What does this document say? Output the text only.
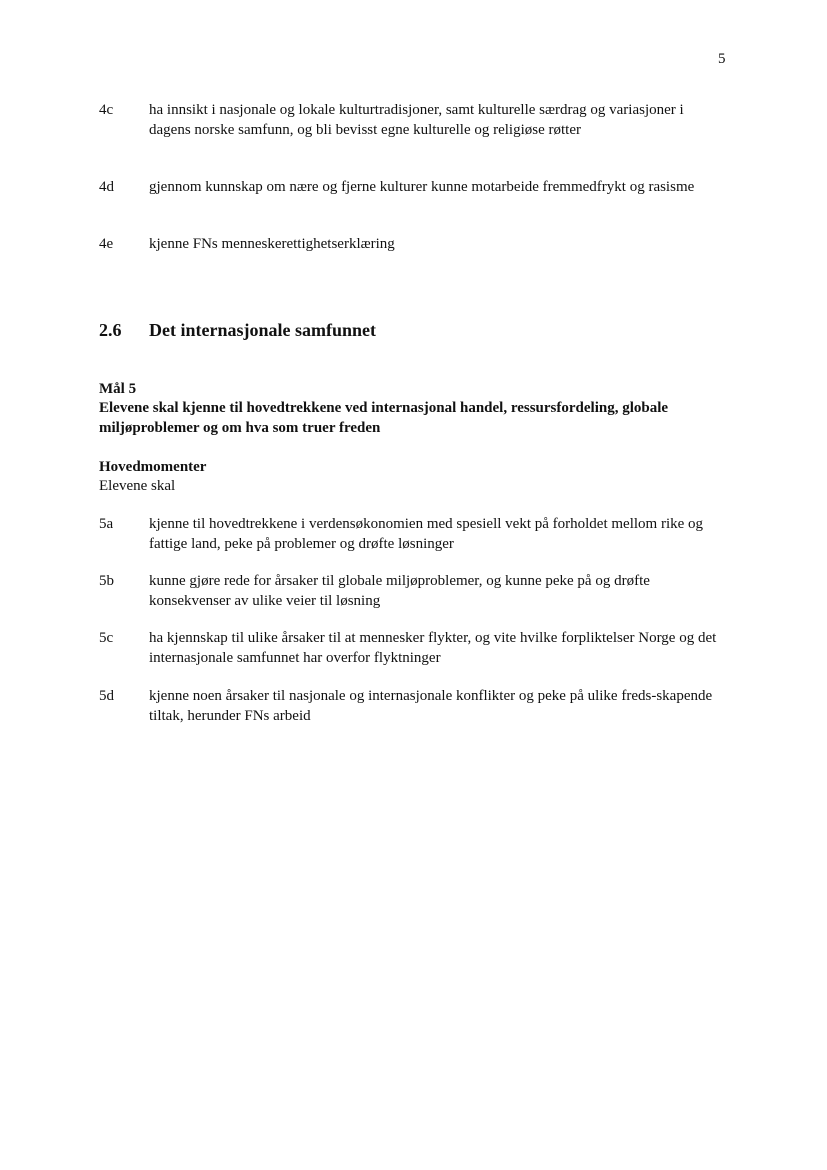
5
4c	ha innsikt i nasjonale og lokale kulturtradisjoner, samt kulturelle særdrag og variasjoner i dagens norske samfunn, og bli bevisst egne kulturelle og religiøse røtter
4d	gjennom kunnskap om nære og fjerne kulturer kunne motarbeide fremmedfrykt og rasisme
4e	kjenne FNs menneskerettighetserklæring
2.6 Det internasjonale samfunnet
Mål 5
Elevene skal kjenne til hovedtrekkene ved internasjonal handel, ressursfordeling, globale miljøproblemer og om hva som truer freden
Hovedmomenter
Elevene skal
5a	kjenne til hovedtrekkene i verdensøkonomien med spesiell vekt på forholdet mellom rike og fattige land, peke på problemer og drøfte løsninger
5b	kunne gjøre rede for årsaker til globale miljøproblemer, og kunne peke på og drøfte konsekvenser av ulike veier til løsning
5c	ha kjennskap til ulike årsaker til at mennesker flykter, og vite hvilke forpliktelser Norge og det internasjonale samfunnet har overfor flyktninger
5d	kjenne noen årsaker til nasjonale og internasjonale konflikter og peke på ulike freds-skapende tiltak, herunder FNs arbeid
